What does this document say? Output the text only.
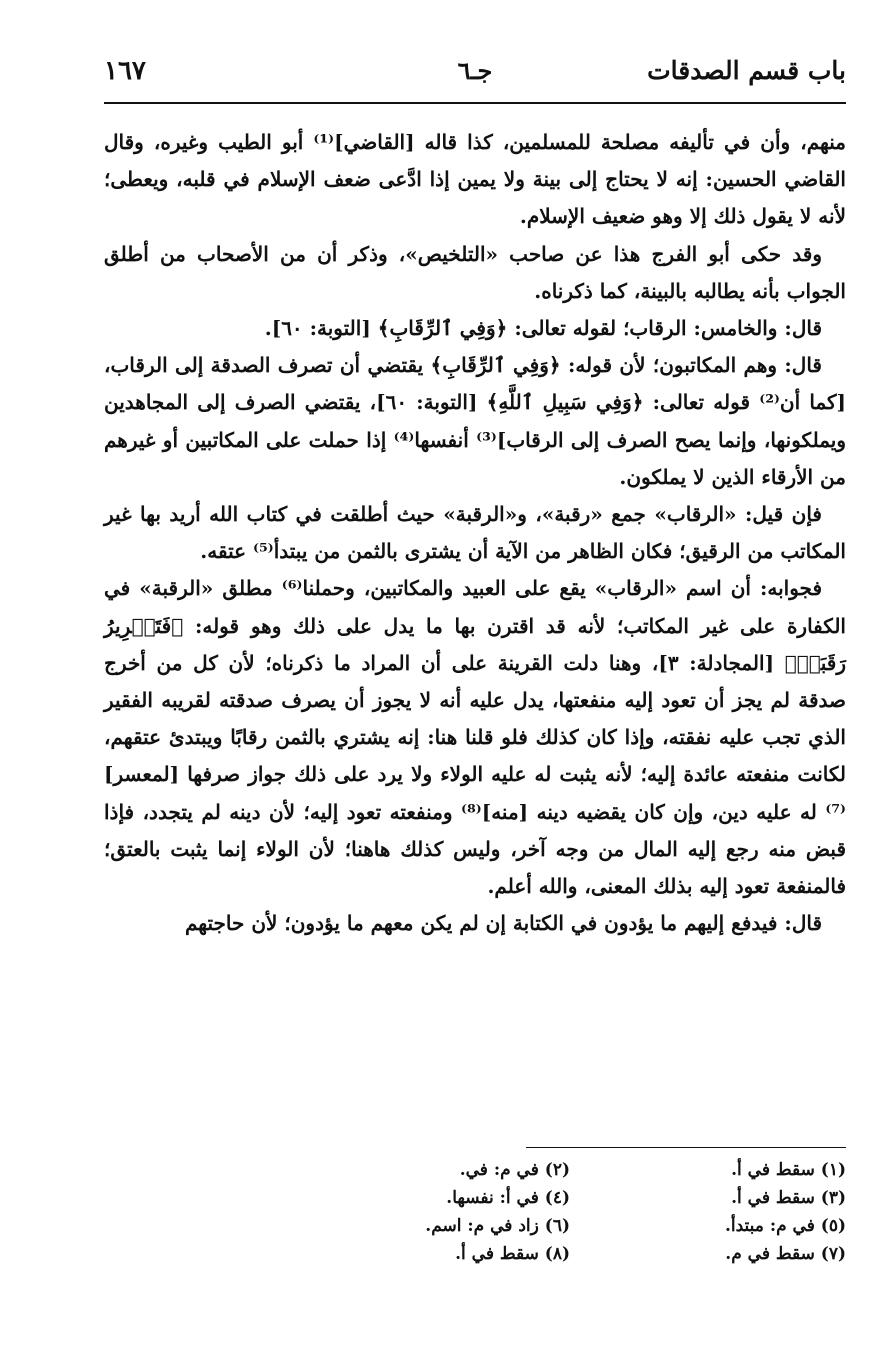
باب قسم الصدقات
جـ٦
١٦٧

منهم، وأن في تأليفه مصلحة للمسلمين، كذا قاله [القاضي]⁽¹⁾ أبو الطيب وغيره، وقال القاضي الحسين: إنه لا يحتاج إلى بينة ولا يمين إذا ادَّعى ضعف الإسلام في قلبه، ويعطى؛ لأنه لا يقول ذلك إلا وهو ضعيف الإسلام.

وقد حكى أبو الفرج هذا عن صاحب «التلخيص»، وذكر أن من الأصحاب من أطلق الجواب بأنه يطالبه بالبينة، كما ذكرناه.

قال: والخامس: الرقاب؛ لقوله تعالى: ﴿وَفِي ٱلرِّقَابِ﴾ [التوبة: ٦٠].

قال: وهم المكاتبون؛ لأن قوله: ﴿وَفِي ٱلرِّقَابِ﴾ يقتضي أن تصرف الصدقة إلى الرقاب، [كما أن⁽²⁾ قوله تعالى: ﴿وَفِي سَبِيلِ ٱللَّهِ﴾ [التوبة: ٦٠]، يقتضي الصرف إلى المجاهدين ويملكونها، وإنما يصح الصرف إلى الرقاب]⁽³⁾ أنفسها⁽⁴⁾ إذا حملت على المكاتبين أو غيرهم من الأرقاء الذين لا يملكون.

فإن قيل: «الرقاب» جمع «رقبة»، و«الرقبة» حيث أطلقت في كتاب الله أريد بها غير المكاتب من الرقيق؛ فكان الظاهر من الآية أن يشترى بالثمن من يبتدأ⁽⁵⁾ عتقه.

فجوابه: أن اسم «الرقاب» يقع على العبيد والمكاتبين، وحملنا⁽⁶⁾ مطلق «الرقبة» في الكفارة على غير المكاتب؛ لأنه قد اقترن بها ما يدل على ذلك وهو قوله: ﴿فَتَحۡرِيرُ رَقَبَةٖ﴾ [المجادلة: ٣]، وهنا دلت القرينة على أن المراد ما ذكرناه؛ لأن كل من أخرج صدقة لم يجز أن تعود إليه منفعتها، يدل عليه أنه لا يجوز أن يصرف صدقته لقريبه الفقير الذي تجب عليه نفقته، وإذا كان كذلك فلو قلنا هنا: إنه يشتري بالثمن رقابًا ويبتدئ عتقهم، لكانت منفعته عائدة إليه؛ لأنه يثبت له عليه الولاء ولا يرد على ذلك جواز صرفها [لمعسر]⁽⁷⁾ له عليه دين، وإن كان يقضيه دينه [منه]⁽⁸⁾ ومنفعته تعود إليه؛ لأن دينه لم يتجدد، فإذا قبض منه رجع إليه المال من وجه آخر، وليس كذلك هاهنا؛ لأن الولاء إنما يثبت بالعتق؛ فالمنفعة تعود إليه بذلك المعنى، والله أعلم.

قال: فيدفع إليهم ما يؤدون في الكتابة إن لم يكن معهم ما يؤدون؛ لأن حاجتهم

(١) سقط في أ.
(٢) في م: في.
(٣) سقط في أ.
(٤) في أ: نفسها.
(٥) في م: مبتدأ.
(٦) زاد في م: اسم.
(٧) سقط في م.
(٨) سقط في أ.
